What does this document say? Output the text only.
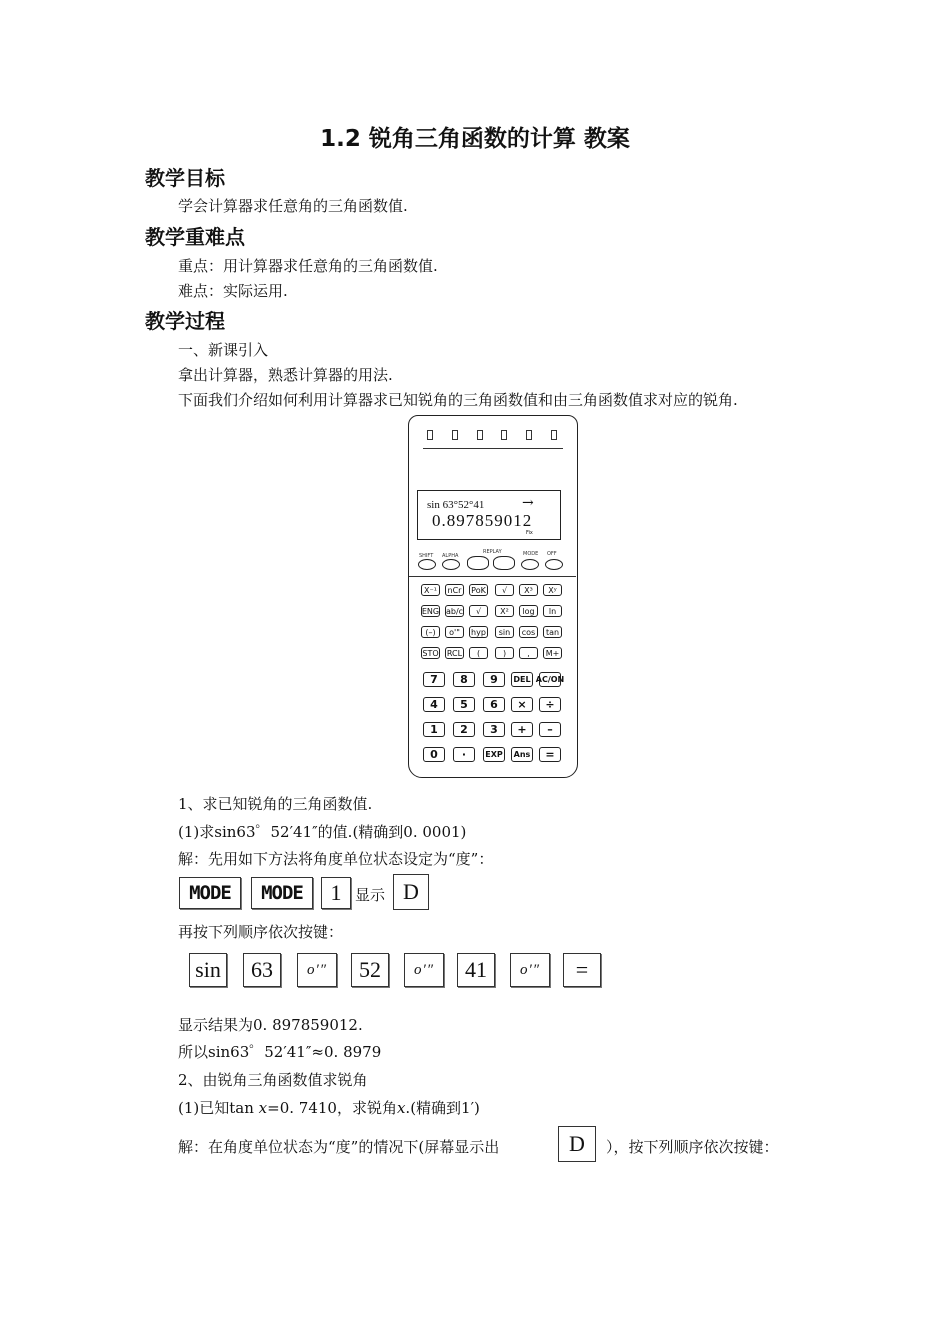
1.2 锐角三角函数的计算 教案
教学目标
学会计算器求任意角的三角函数值.
教学重难点
重点：用计算器求任意角的三角函数值.
难点：实际运用.
教学过程
一、新课引入
拿出计算器，熟悉计算器的用法.
下面我们介绍如何利用计算器求已知锐角的三角函数值和由三角函数值求对应的锐角.
sin 63°52°41	→
0.897859012
Fix
SHIFT ALPHA
REPLAY	MODE OFF
X⁻¹	nCr	PoK	√	X³	Xʸ
ENG ab/c	√	X²	log	ln
(–)	o'"	hyp	sin	cos	tan
STO RCL	(	)	,	M+
7	8	9	DEL AC/ON
4	5	6	×	÷
1	2	3	+	–
0	·	EXP	Ans	=
1、求已知锐角的三角函数值.
(1)求sin63゜52′41″的值.(精确到0. 0001)
解：先用如下方法将角度单位状态设定为“度”：
MODE	MODE	1 显示 D
再按下列顺序依次按键：
sin	63	o′″	52	o′″	41	o′″	=
显示结果为0. 897859012.
所以sin63゜52′41″≈0. 8979
2、由锐角三角函数值求锐角
(1)已知tan x=0. 7410，求锐角x.(精确到1′)
解：在角度单位状态为“度”的情况下(屏幕显示出	D	），按下列顺序依次按键：
